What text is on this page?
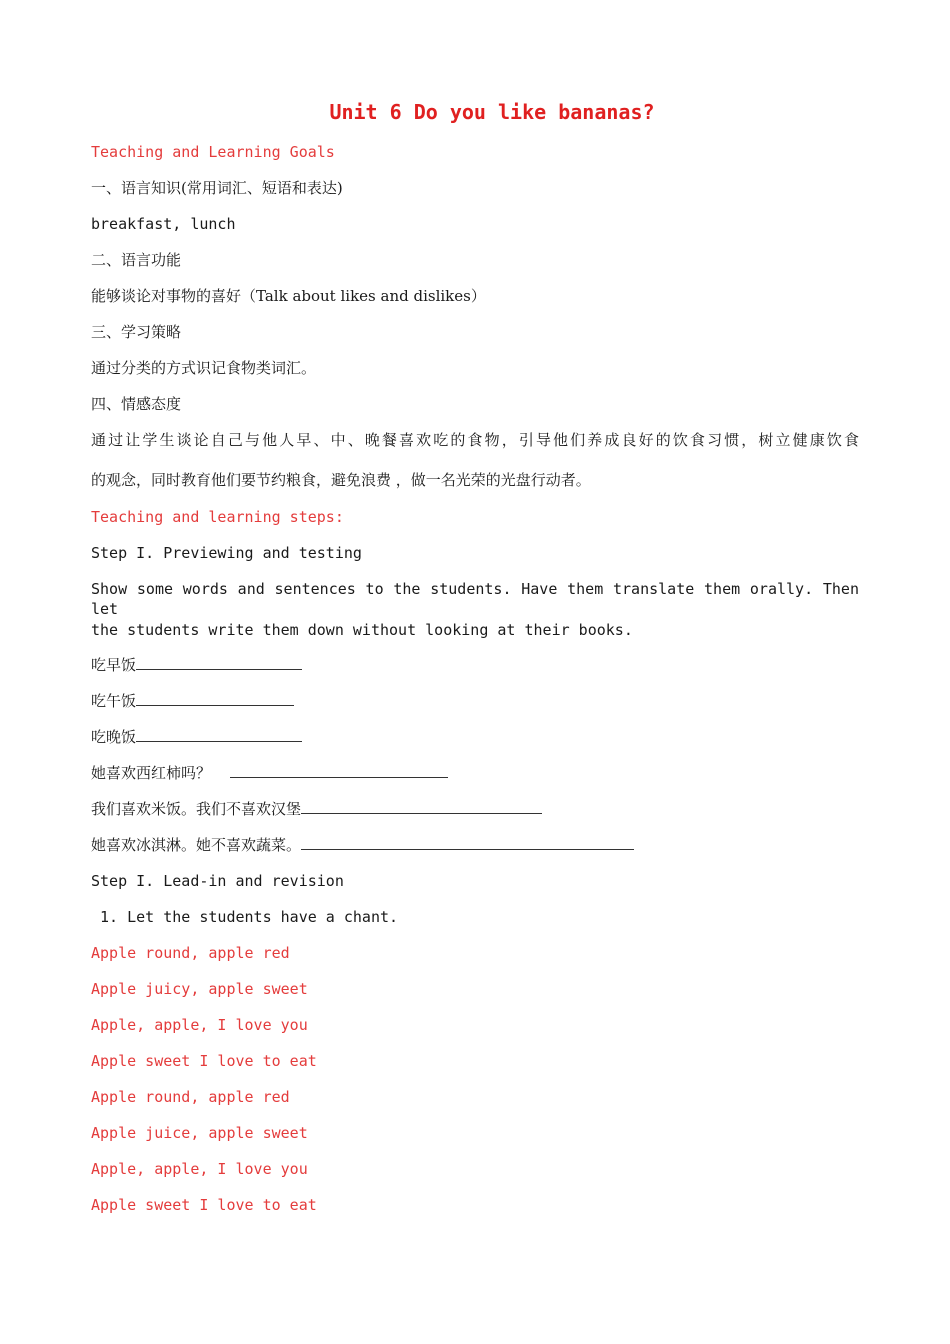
Unit 6 Do you like bananas?
Teaching and Learning Goals
一、语言知识(常用词汇、短语和表达)
breakfast, lunch
二、语言功能
能够谈论对事物的喜好（Talk about likes and dislikes）
三、学习策略
通过分类的方式识记食物类词汇。
四、情感态度
通过让学生谈论自己与他人早、中、晚餐喜欢吃的食物，引导他们养成良好的饮食习惯，树立健康饮食
的观念，同时教育他们要节约粮食，避免浪费 ，做一名光荣的光盘行动者。
Teaching and learning steps:
Step I. Previewing and testing
Show some words and sentences to the students. Have them translate them orally. Then let
the students write them down without looking at their books.
吃早饭
吃午饭
吃晚饭
她喜欢西红柿吗？
我们喜欢米饭。我们不喜欢汉堡
她喜欢冰淇淋。她不喜欢蔬菜。
Step I. Lead-in and revision
1. Let the students have a chant.
Apple round, apple red
Apple juicy, apple sweet
Apple, apple, I love you
Apple sweet I love to eat
Apple round, apple red
Apple juice, apple sweet
Apple, apple, I love you
Apple sweet I love to eat
